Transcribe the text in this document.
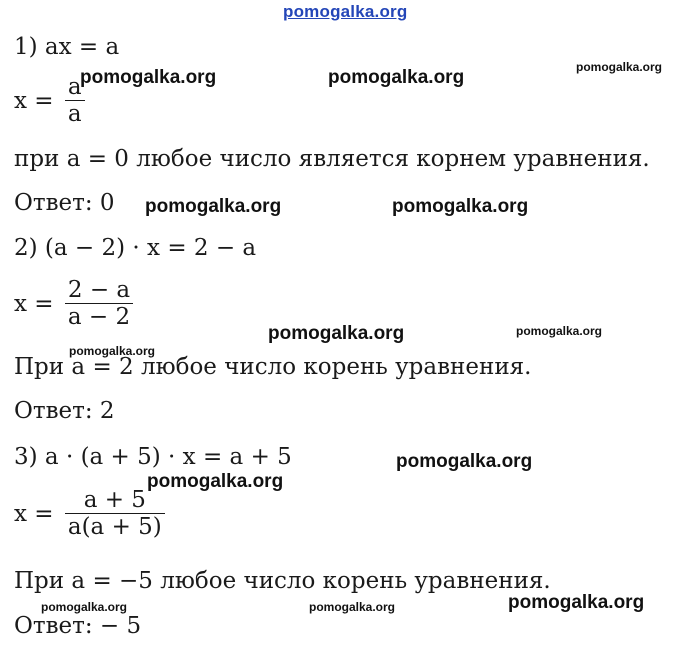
pomogalka.org
1) ax = a
$x = \frac{a}{a}$
при a = 0 любое число является корнем уравнения.
Ответ: 0
2) (a − 2) · x = 2 − a
$x = \frac{2 - a}{a - 2}$
При a = 2 любое число корень уравнения.
Ответ: 2
3) a · (a + 5) · x = a + 5
$x = \frac{a + 5}{a(a + 5)}$
При a = −5 любое число корень уравнения.
Ответ: − 5
pomogalka.org	pomogalka.org	pomogalka.org
pomogalka.org	pomogalka.org
pomogalka.org	pomogalka.org
pomogalka.org
pomogalka.org
pomogalka.org
pomogalka.org
pomogalka.org	pomogalka.org
